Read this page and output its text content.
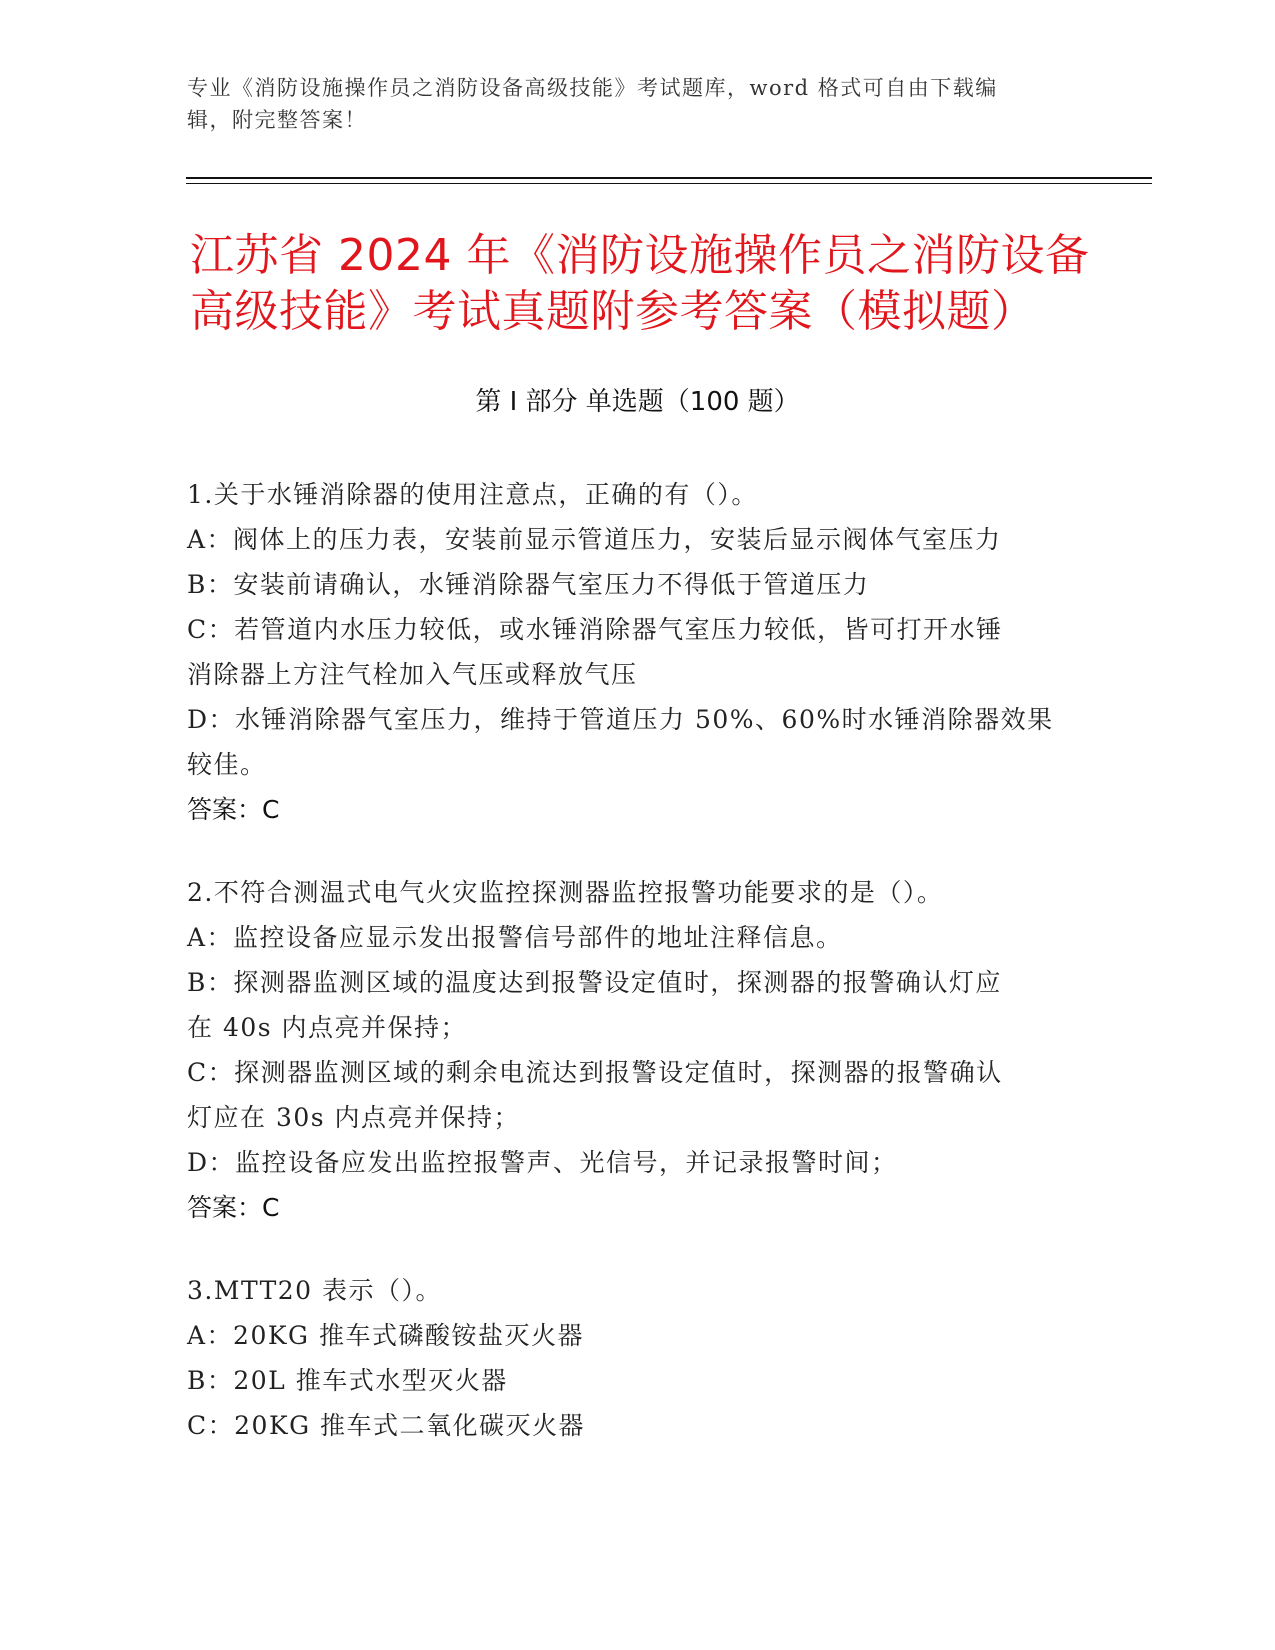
专业《消防设施操作员之消防设备高级技能》考试题库，word 格式可自由下载编
辑，附完整答案！
江苏省 2024 年《消防设施操作员之消防设备
高级技能》考试真题附参考答案（模拟题）
第 I 部分 单选题（100 题）

1.关于水锤消除器的使用注意点，正确的有（）。

A：阀体上的压力表，安装前显示管道压力，安装后显示阀体气室压力

B：安装前请确认，水锤消除器气室压力不得低于管道压力

C：若管道内水压力较低，或水锤消除器气室压力较低，皆可打开水锤

消除器上方注气栓加入气压或释放气压

D：水锤消除器气室压力，维持于管道压力 50%、60%时水锤消除器效果

较佳。

答案：C

2.不符合测温式电气火灾监控探测器监控报警功能要求的是（）。

A：监控设备应显示发出报警信号部件的地址注释信息。

B：探测器监测区域的温度达到报警设定值时，探测器的报警确认灯应

在 40s 内点亮并保持；

C：探测器监测区域的剩余电流达到报警设定值时，探测器的报警确认

灯应在 30s 内点亮并保持；

D：监控设备应发出监控报警声、光信号，并记录报警时间；

答案：C

3.MTT20 表示（）。

A：20KG 推车式磷酸铵盐灭火器

B：20L 推车式水型灭火器

C：20KG 推车式二氧化碳灭火器
